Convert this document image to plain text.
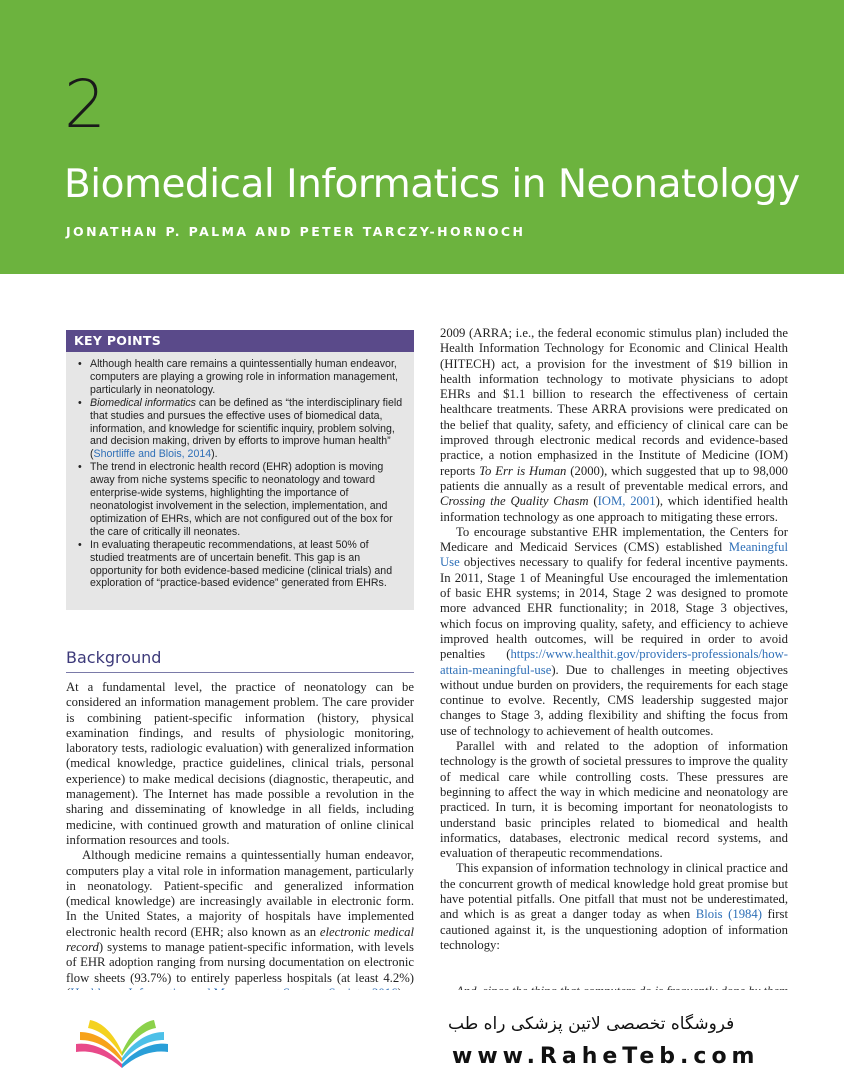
2
Biomedical Informatics in Neonatology
JONATHAN P. PALMA AND PETER TARCZY-HORNOCH
KEY POINTS
• Although health care remains a quintessentially human endeavor, computers are playing a growing role in information management, particularly in neonatology.
• Biomedical informatics can be defined as “the interdisciplinary field that studies and pursues the effective uses of biomedical data, information, and knowledge for scientific inquiry, problem solving, and decision making, driven by efforts to improve human health” (Shortliffe and Blois, 2014).
• The trend in electronic health record (EHR) adoption is moving away from niche systems specific to neonatology and toward enterprise-wide systems, highlighting the importance of neonatologist involvement in the selection, implementation, and optimization of EHRs, which are not configured out of the box for the care of critically ill neonates.
• In evaluating therapeutic recommendations, at least 50% of studied treatments are of uncertain benefit. This gap is an opportunity for both evidence-based medicine (clinical trials) and exploration of “practice-based evidence” generated from EHRs.
Background

At a fundamental level, the practice of neonatology can be considered an information management problem. The care provider is combining patient-specific information (history, physical examination findings, and results of physiologic monitoring, laboratory tests, radiologic evaluation) with generalized information (medical knowledge, practice guidelines, clinical trials, personal experience) to make medical decisions (diagnostic, therapeutic, and management). The Internet has made possible a revolution in the sharing and disseminating of knowledge in all fields, including medicine, with continued growth and maturation of online clinical information resources and tools.

Although medicine remains a quintessentially human endeavor, computers play a vital role in information management, particularly in neonatology. Patient-specific and generalized information (medical knowledge) are increasingly available in electronic form. In the United States, a majority of hospitals have implemented electronic health record (EHR; also known as an electronic medical record) systems to manage patient-specific information, with levels of EHR adoption ranging from nursing documentation on electronic flow sheets (93.7%) to entirely paperless hospitals (at least 4.2%)

2009 (ARRA; i.e., the federal economic stimulus plan) included the Health Information Technology for Economic and Clinical Health (HITECH) act, a provision for the investment of $19 billion in health information technology to motivate physicians to adopt EHRs and $1.1 billion to research the effectiveness of certain healthcare treatments. These ARRA provisions were predicated on the belief that quality, safety, and efficiency of clinical care can be improved through electronic medical records and evidence-based practice, a notion emphasized in the Institute of Medicine (IOM) reports To Err is Human (2000), which suggested that up to 98,000 patients die annually as a result of preventable medical errors, and Crossing the Quality Chasm (IOM, 2001), which identified health information technology as one approach to mitigating these errors.

To encourage substantive EHR implementation, the Centers for Medicare and Medicaid Services (CMS) established Meaningful Use objectives necessary to qualify for federal incentive payments. In 2011, Stage 1 of Meaningful Use encouraged the imlementation of basic EHR systems; in 2014, Stage 2 was designed to promote more advanced EHR functionality; in 2018, Stage 3 objectives, which focus on improving quality, safety, and efficiency to achieve improved health outcomes, will be required in order to avoid penalties (https://www.healthit.gov/providers-professionals/how-attain-meaningful-use). Due to challenges in meeting objectives without undue burden on providers, the requirements for each stage continue to evolve. Recently, CMS leadership suggested major changes to Stage 3, adding flexibility and shifting the focus from use of technology to achievement of health outcomes.

Parallel with and related to the adoption of information technology is the growth of societal pressures to improve the quality of medical care while controlling costs. These pressures are beginning to affect the way in which medicine and neonatology are practiced. In turn, it is becoming important for neonatologists to understand basic principles related to biomedical and health informatics, databases, electronic medical record systems, and evaluation of therapeutic recommendations.

This expansion of information technology in clinical practice and the concurrent growth of medical knowledge hold great promise but have potential pitfalls. One pitfall that must not be underestimated, and which is as great a danger today as when Blois (1984) first cautioned against it, is the unquestioning adoption of information technology:

فروشگاه تخصصی لاتین پزشکی راه طب
www.RaheTeb.com
